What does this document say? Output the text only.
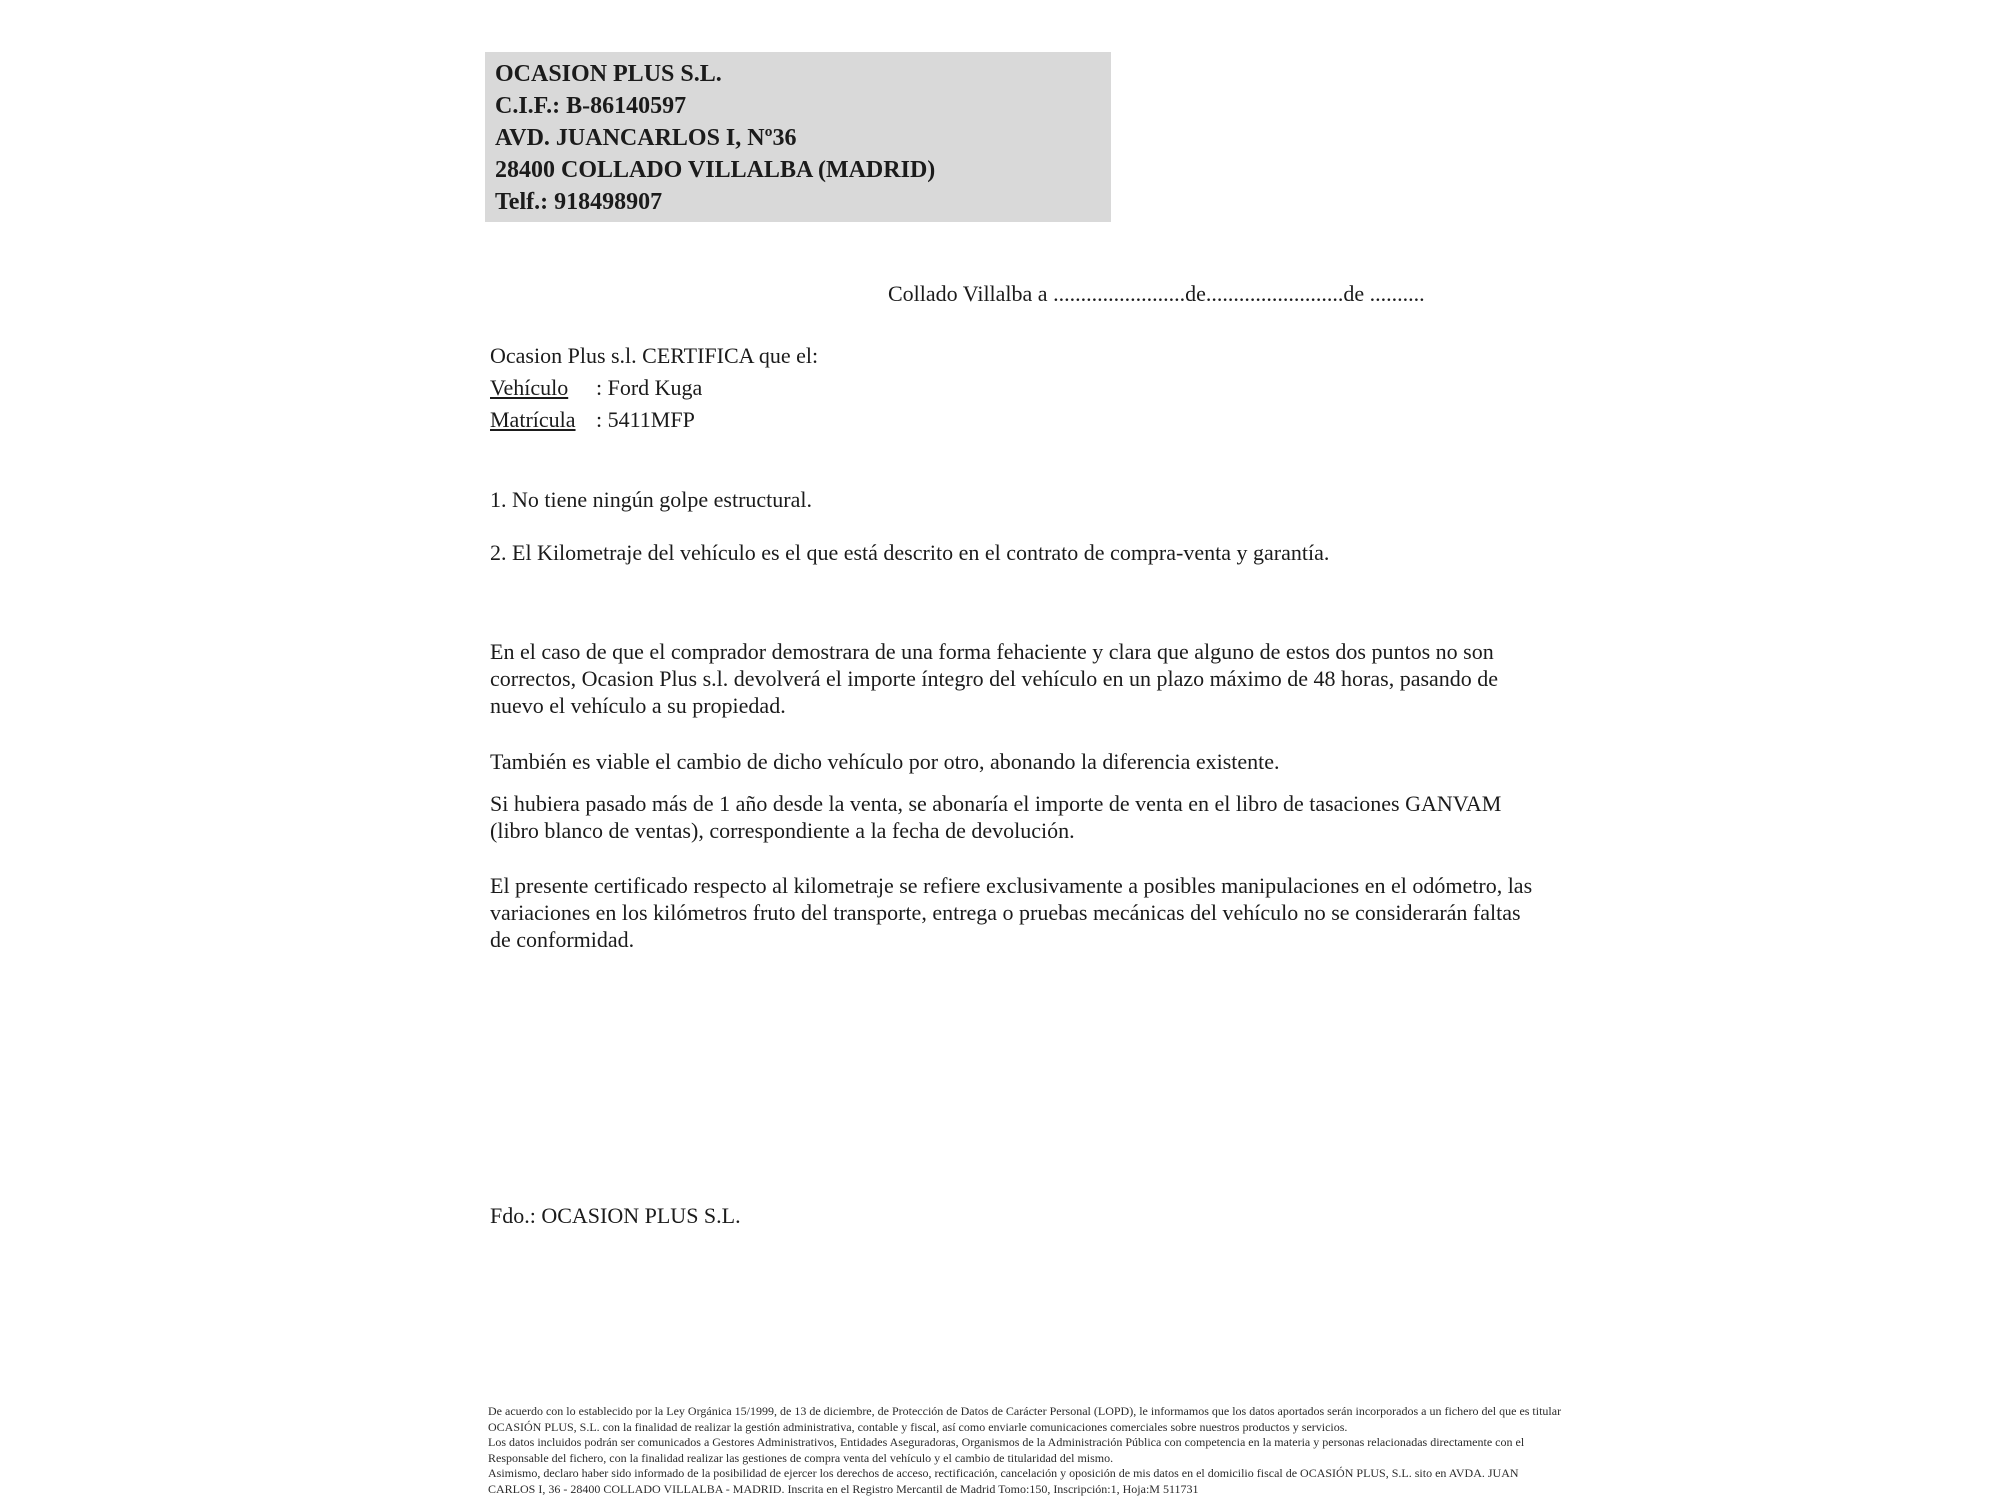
OCASION PLUS S.L.
C.I.F.: B-86140597
AVD. JUANCARLOS I, Nº36
28400 COLLADO VILLALBA (MADRID)
Telf.: 918498907
Collado Villalba a ........................de.........................de ..........
Ocasion Plus s.l. CERTIFICA que el:
Vehículo : Ford Kuga
Matrícula : 5411MFP
1. No tiene ningún golpe estructural.
2. El Kilometraje del vehículo es el que está descrito en el contrato de compra-venta y garantía.
En el caso de que el comprador demostrara de una forma fehaciente y clara que alguno de estos dos puntos no son correctos, Ocasion Plus s.l. devolverá el importe íntegro del vehículo en un plazo máximo de 48 horas, pasando de nuevo el vehículo a su propiedad.
También es viable el cambio de dicho vehículo por otro, abonando la diferencia existente.
Si hubiera pasado más de 1 año desde la venta, se abonaría el importe de venta en el libro de tasaciones GANVAM (libro blanco de ventas), correspondiente a la fecha de devolución.
El presente certificado respecto al kilometraje se refiere exclusivamente a posibles manipulaciones en el odómetro, las variaciones en los kilómetros fruto del transporte, entrega o pruebas mecánicas del vehículo no se considerarán faltas de conformidad.
Fdo.: OCASION PLUS S.L.
De acuerdo con lo establecido por la Ley Orgánica 15/1999, de 13 de diciembre, de Protección de Datos de Carácter Personal (LOPD), le informamos que los datos aportados serán incorporados a un fichero del que es titular
OCASIÓN PLUS, S.L. con la finalidad de realizar la gestión administrativa, contable y fiscal, así como enviarle comunicaciones comerciales sobre nuestros productos y servicios.
Los datos incluidos podrán ser comunicados a Gestores Administrativos, Entidades Aseguradoras, Organismos de la Administración Pública con competencia en la materia y personas relacionadas directamente con el
Responsable del fichero, con la finalidad realizar las gestiones de compra venta del vehículo y el cambio de titularidad del mismo.
Asimismo, declaro haber sido informado de la posibilidad de ejercer los derechos de acceso, rectificación, cancelación y oposición de mis datos en el domicilio fiscal de OCASIÓN PLUS, S.L. sito en AVDA. JUAN
CARLOS I, 36 - 28400 COLLADO VILLALBA - MADRID. Inscrita en el Registro Mercantil de Madrid Tomo:150, Inscripción:1, Hoja:M 511731
